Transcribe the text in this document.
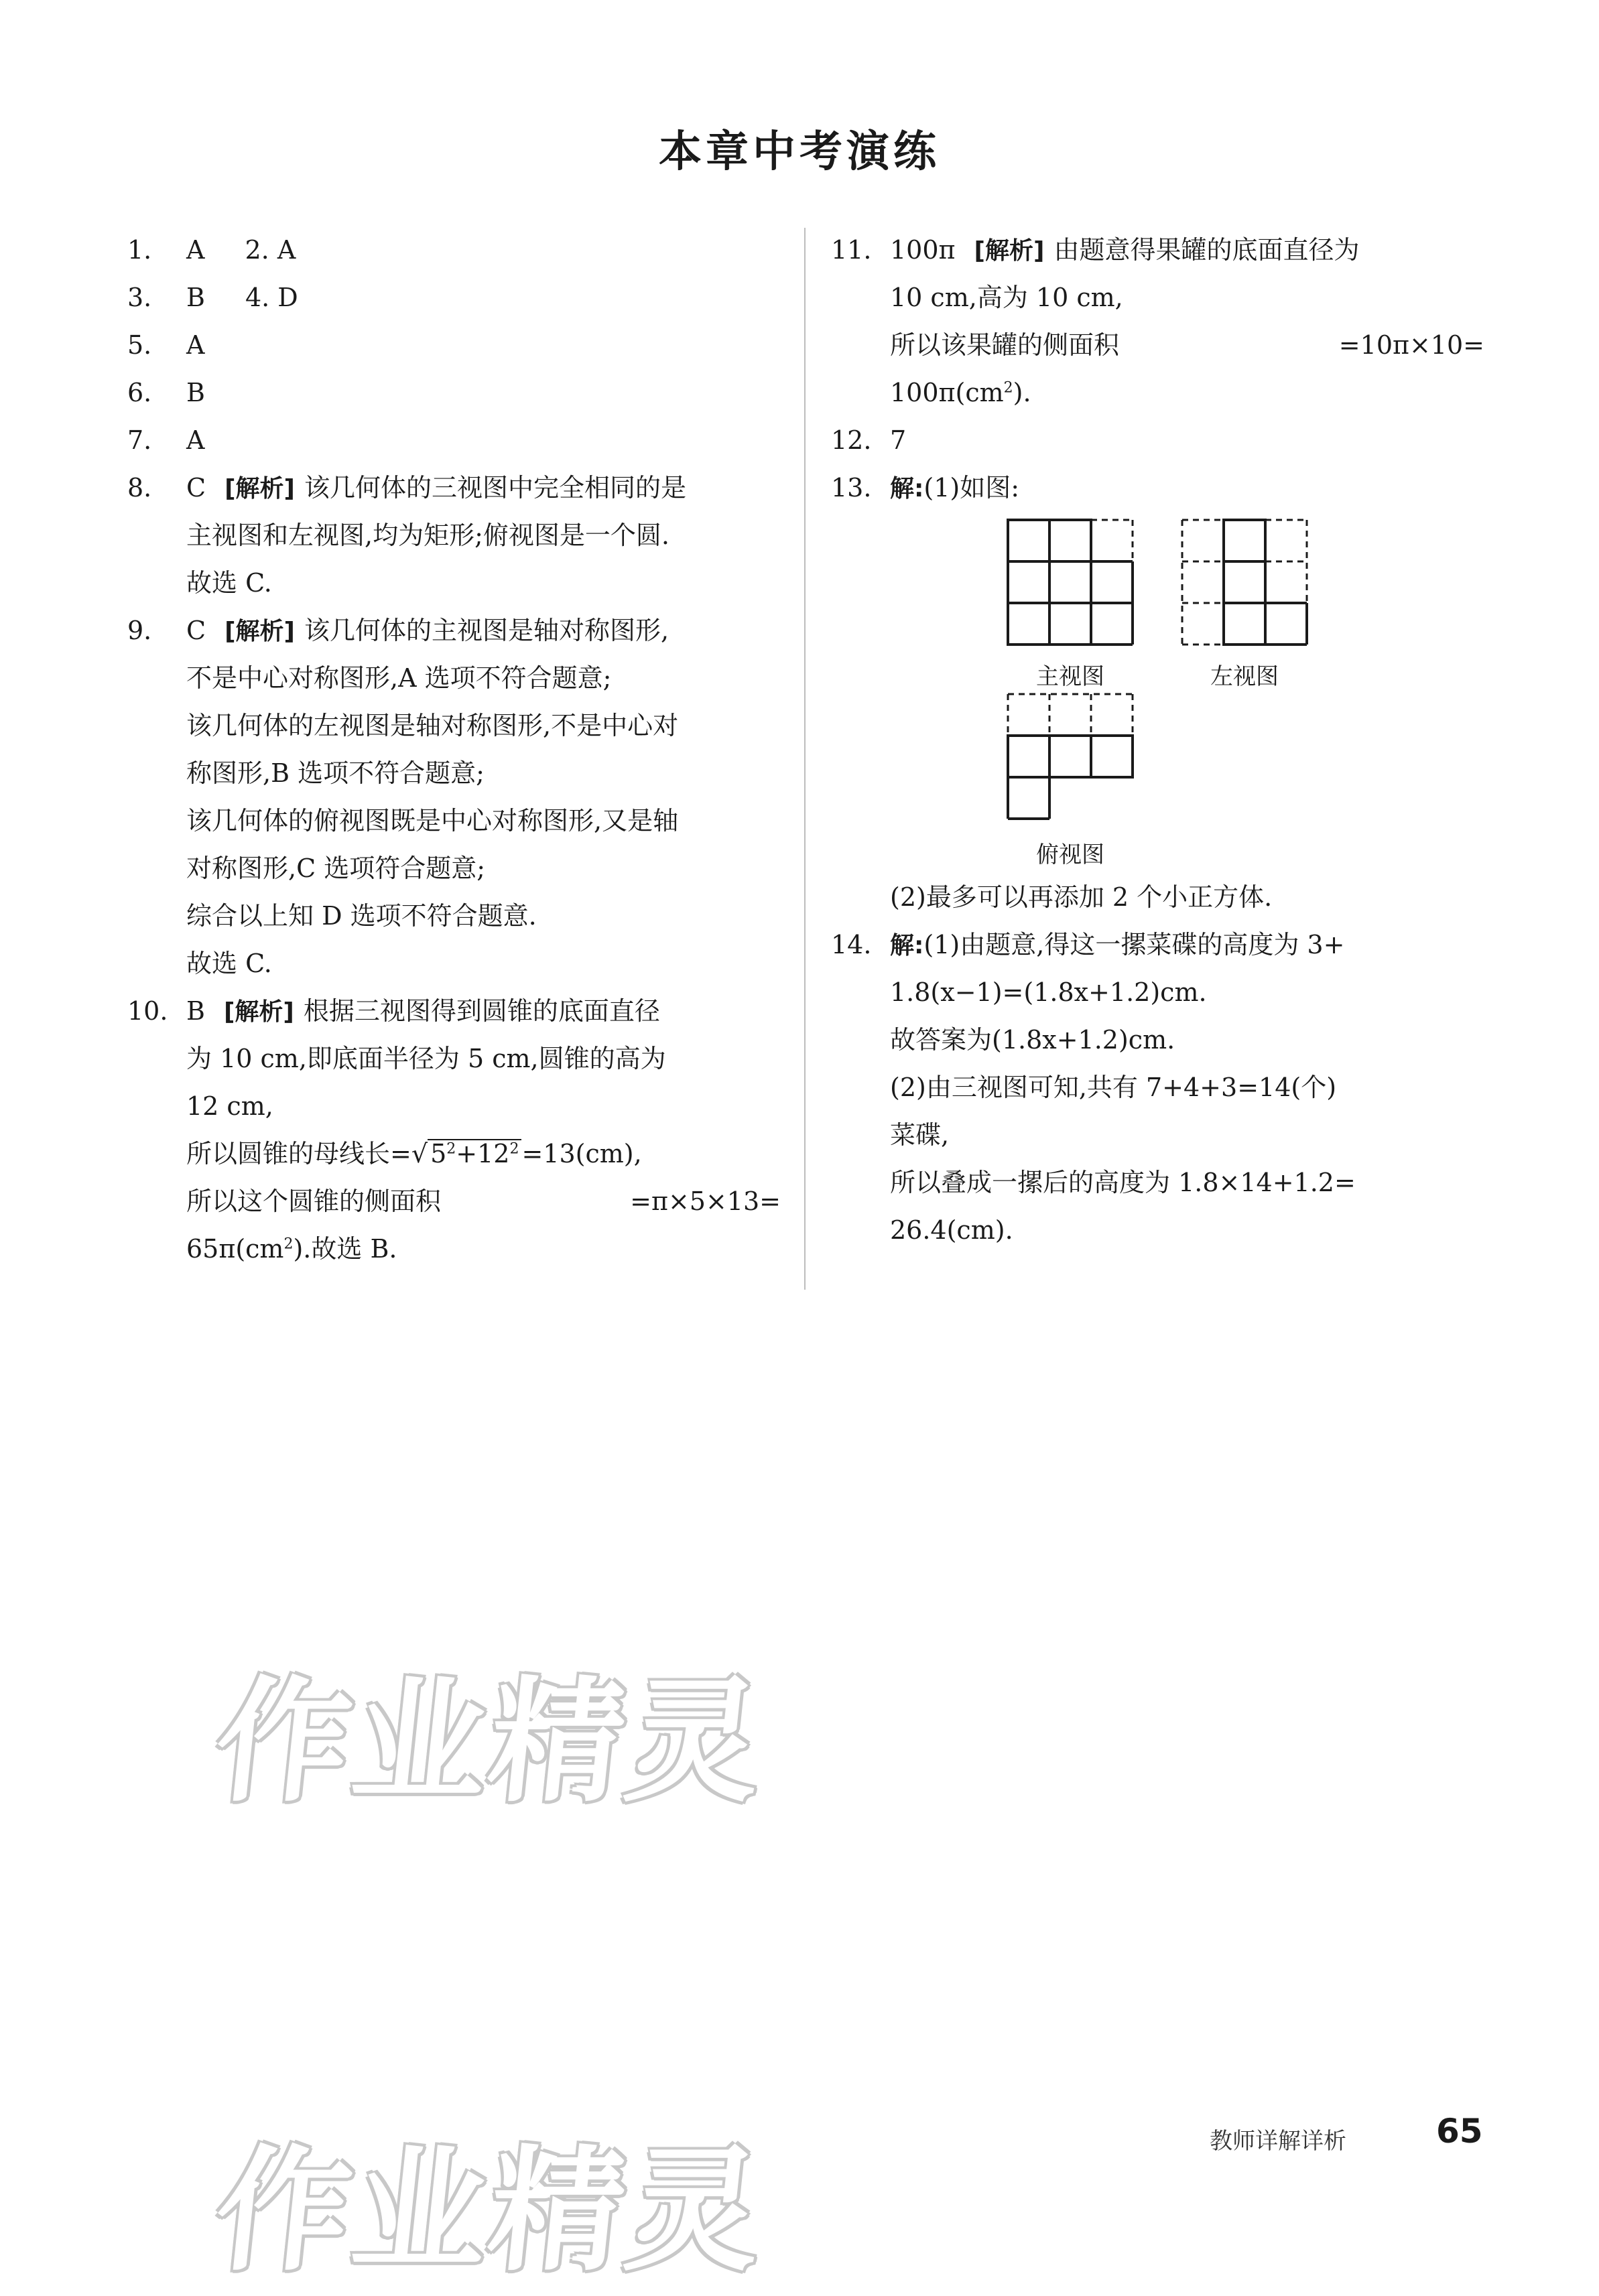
本章中考演练
1. A 2. A
3. B 4. D
5. A
6. B
7. A
8. C [解析] 该几何体的三视图中完全相同的是
主视图和左视图,均为矩形;俯视图是一个圆.
故选 C.
9. C [解析] 该几何体的主视图是轴对称图形,
不是中心对称图形,A 选项不符合题意;
该几何体的左视图是轴对称图形,不是中心对
称图形,B 选项不符合题意;
该几何体的俯视图既是中心对称图形,又是轴
对称图形,C 选项符合题意;
综合以上知 D 选项不符合题意.
故选 C.
10. B [解析] 根据三视图得到圆锥的底面直径
为 10 cm,即底面半径为 5 cm,圆锥的高为
12 cm,
所以圆锥的母线长=√ $5^2+12^2 =13(cm)$,
所以这个圆锥的侧面积	=π×5×13=
$65\pi(cm^2)$.故选 B.
11. 100π [解析] 由题意得果罐的底面直径为
10 cm,高为 10 cm,
所以该果罐的侧面积	=10π×10=
$100\pi(cm^2)$.
12. 7
13. 解:(1)如图:
主视图	左视图
俯视图
(2)最多可以再添加 2 个小正方体.
14. 解:(1)由题意,得这一摞菜碟的高度为 3+
1.8(x−1)=(1.8x+1.2)cm.
故答案为(1.8x+1.2)cm.
(2)由三视图可知,共有 7+4+3=14(个)
菜碟,
所以叠成一摞后的高度为 1.8×14+1.2=
26.4(cm).
作业精灵
作业精灵	教师详解详析	65
